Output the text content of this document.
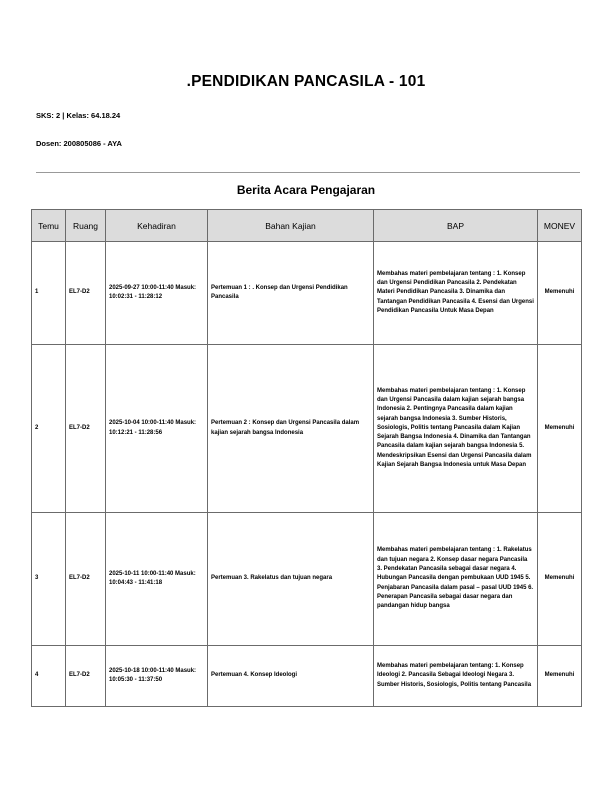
.PENDIDIKAN PANCASILA - 101
SKS: 2 | Kelas: 64.18.24
Dosen: 200805086 - AYA
Berita Acara Pengajaran
Temu	Ruang	Kehadiran	Bahan Kajian	BAP	MONEV
1	EL7-D2	2025-09-27 10:00-11:40 Masuk: 10:02:31 - 11:28:12	Pertemuan 1 : . Konsep dan Urgensi Pendidikan Pancasila	Membahas materi pembelajaran tentang : 1. Konsep dan Urgensi Pendidikan Pancasila 2. Pendekatan Materi Pendidikan Pancasila 3. Dinamika dan Tantangan Pendidikan Pancasila 4. Esensi dan Urgensi Pendidikan Pancasila Untuk Masa Depan	Memenuhi
2	EL7-D2	2025-10-04 10:00-11:40 Masuk: 10:12:21 - 11:28:56	Pertemuan 2 : Konsep dan Urgensi Pancasila dalam kajian sejarah bangsa Indonesia	Membahas materi pembelajaran tentang : 1. Konsep dan Urgensi Pancasila dalam kajian sejarah bangsa Indonesia 2. Pentingnya Pancasila dalam kajian sejarah bangsa Indonesia 3. Sumber Historis, Sosiologis, Politis tentang Pancasila dalam Kajian Sejarah Bangsa Indonesia 4. Dinamika dan Tantangan Pancasila dalam kajian sejarah bangsa Indonesia 5. Mendeskripsikan Esensi dan Urgensi Pancasila dalam Kajian Sejarah Bangsa Indonesia untuk Masa Depan	Memenuhi
3	EL7-D2	2025-10-11 10:00-11:40 Masuk: 10:04:43 - 11:41:18	Pertemuan 3. Rakelatus dan tujuan negara	Membahas materi pembelajaran tentang : 1. Rakelatus dan tujuan negara 2. Konsep dasar negara Pancasila 3. Pendekatan Pancasila sebagai dasar negara 4. Hubungan Pancasila dengan pembukaan UUD 1945 5. Penjabaran Pancasila dalam pasal – pasal UUD 1945 6. Penerapan Pancasila sebagai dasar negara dan pandangan hidup bangsa	Memenuhi
4	EL7-D2	2025-10-18 10:00-11:40 Masuk: 10:05:30 - 11:37:50	Pertemuan 4. Konsep Ideologi	Membahas materi pembelajaran tentang: 1. Konsep Ideologi 2. Pancasila Sebagai Ideologi Negara 3. Sumber Historis, Sosiologis, Politis tentang Pancasila	Memenuhi
